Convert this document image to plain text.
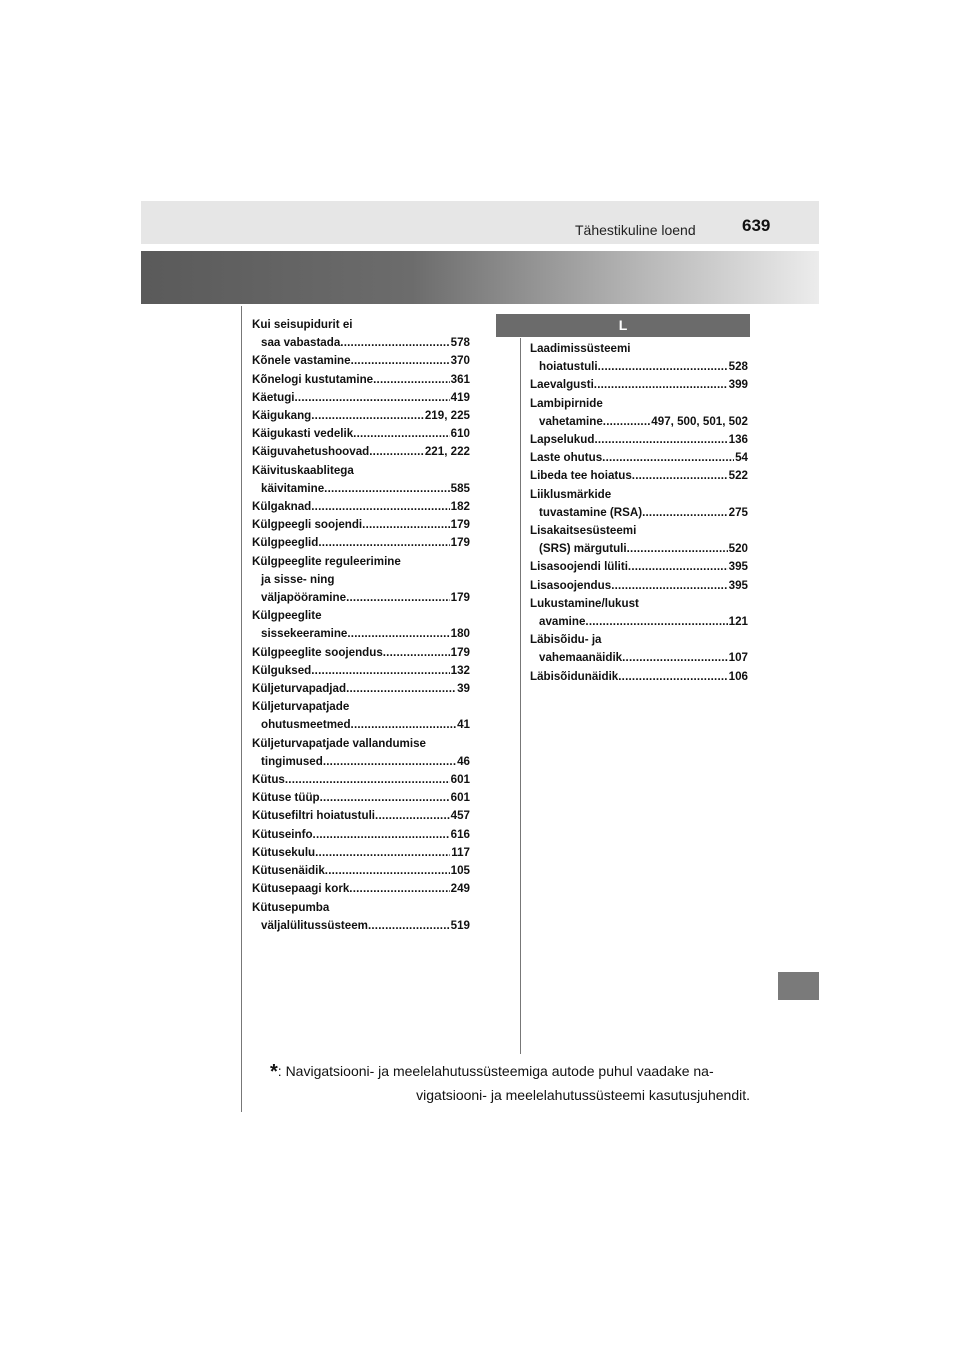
Tähestikuline loend	639
Kui seisupidurit ei
saa vabastada .....	578
Kõnele vastamine .....	370
Kõnelogi kustutamine .....	361
Käetugi .....	419
Käigukang .....	219, 225
Käigukasti vedelik .....	610
Käiguvahetushoovad .....	221, 222
Käivituskaablitega
käivitamine .....	585
Külgaknad .....	182
Külgpeegli soojendi .....	179
Külgpeeglid .....	179
Külgpeeglite reguleerimine
ja sisse- ning
väljapööramine .....	179
Külgpeeglite
sissekeeramine .....	180
Külgpeeglite soojendus .....	179
Külguksed .....	132
Küljeturvapadjad .....	39
Küljeturvapatjade
ohutusmeetmed .....	41
Küljeturvapatjade vallandumise
tingimused .....	46
Kütus .....	601
Kütuse tüüp .....	601
Kütusefiltri hoiatustuli .....	457
Kütuseinfo .....	616
Kütusekulu .....	117
Kütusenäidik .....	105
Kütusepaagi kork .....	249
Kütusepumba
väljalülitussüsteem .....	519
L
Laadimissüsteemi
hoiatustuli .....	528
Laevalgusti .....	399
Lambipirnide
vahetamine .....	497, 500, 501, 502
Lapselukud .....	136
Laste ohutus .....	54
Libeda tee hoiatus .....	522
Liiklusmärkide
tuvastamine (RSA) .....	275
Lisakaitsesüsteemi
(SRS) märgutuli .....	520
Lisasoojendi lüliti .....	395
Lisasoojendus .....	395
Lukustamine/lukust
avamine .....	121
Läbisõidu- ja
vahemaanäidik .....	107
Läbisõidunäidik .....	106
*: Navigatsiooni- ja meelelahutussüsteemiga autode puhul vaadake na-
vigatsiooni- ja meelelahutussüsteemi kasutusjuhendit.
